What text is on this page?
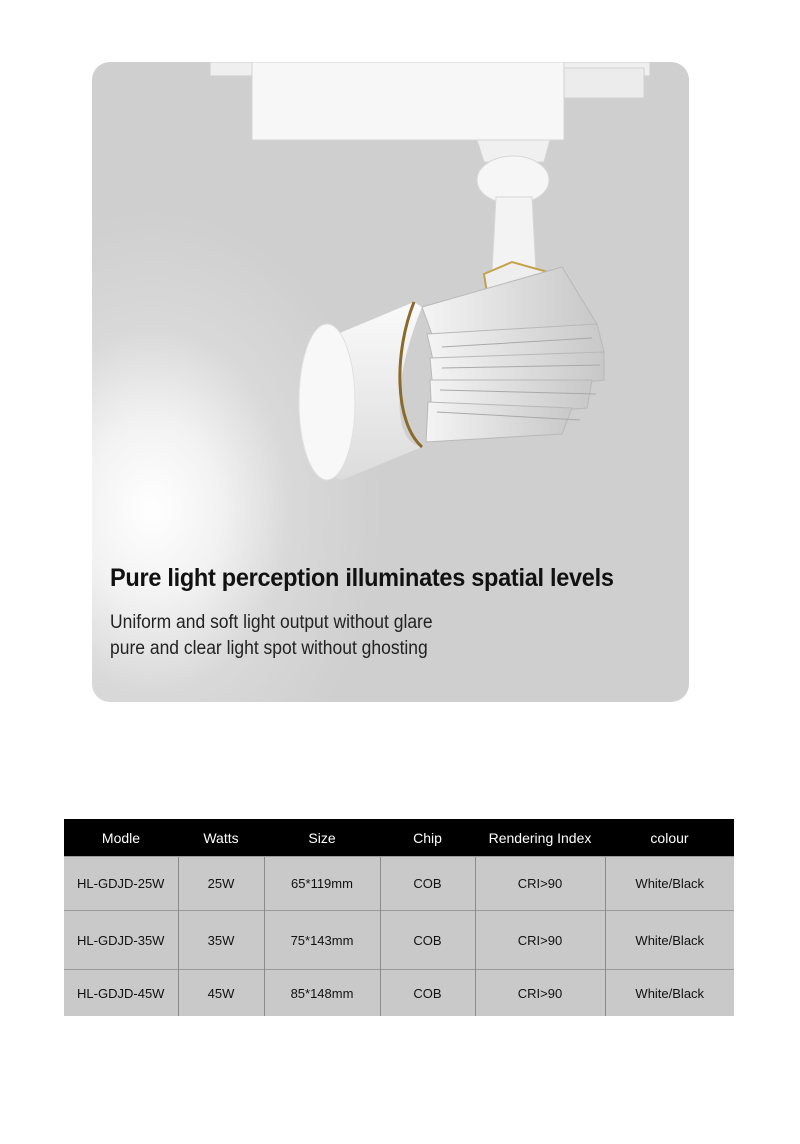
Pure light perception illuminates spatial levels

Uniform and soft light output without glare

pure and clear light spot without ghosting

Modle	Watts	Size	Chip	Rendering Index	colour
HL-GDJD-25W	25W	65*119mm	COB	CRI>90	White/Black
HL-GDJD-35W	35W	75*143mm	COB	CRI>90	White/Black
HL-GDJD-45W	45W	85*148mm	COB	CRI>90	White/Black
